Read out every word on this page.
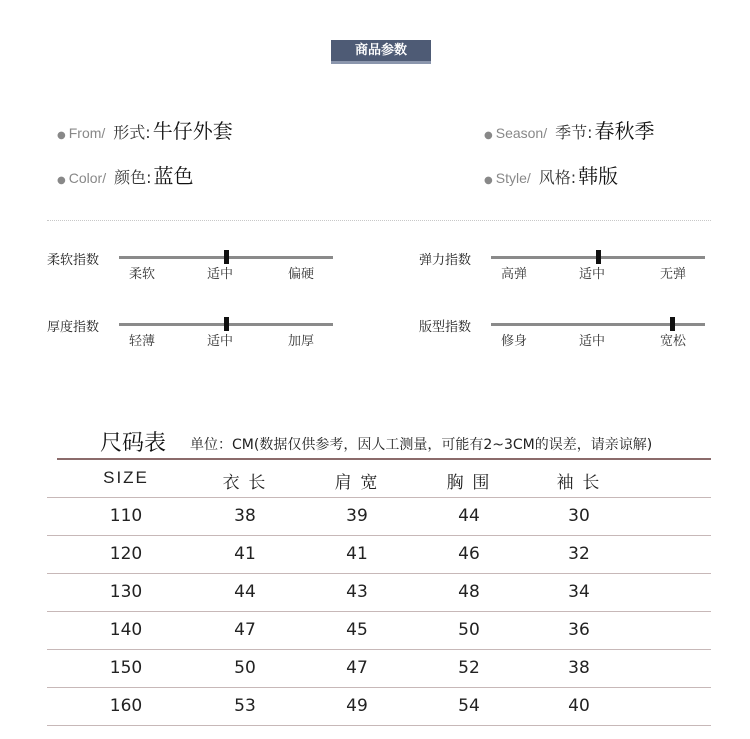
商品参数
● From/ 形式: 牛仔外套	● Season/ 季节: 春秋季
● Color/ 颜色: 蓝色	● Style/ 风格: 韩版
柔软指数
柔软	适中	偏硬
弹力指数
高弹	适中	无弹
厚度指数
轻薄	适中	加厚
版型指数
修身	适中	宽松
尺码表 单位：CM(数据仅供参考，因人工测量，可能有2~3CM的误差，请亲谅解)
SIZE	衣 长	肩 宽	胸 围	袖 长
110	38	39	44	30
120	41	41	46	32
130	44	43	48	34
140	47	45	50	36
150	50	47	52	38
160	53	49	54	40
